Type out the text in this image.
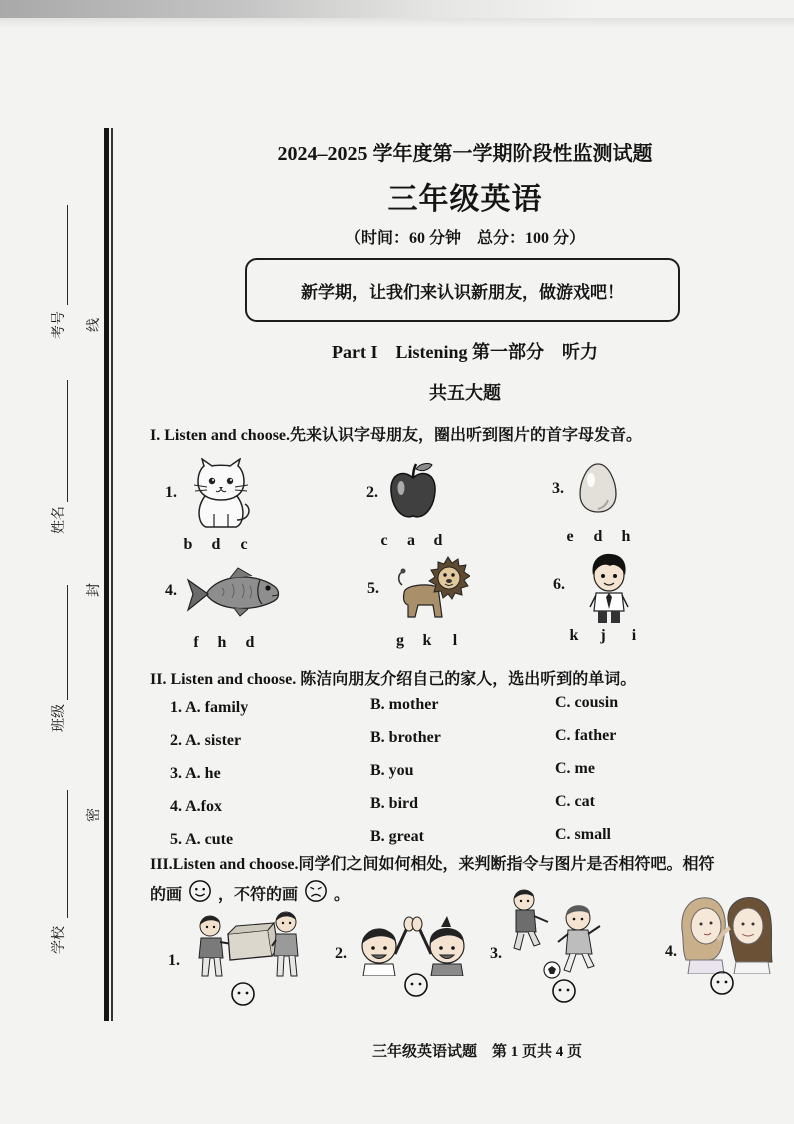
考号 线
姓名
封
班级
密
学校
2024–2025 学年度第一学期阶段性监测试题
三年级英语
（时间：60 分钟　总分：100 分）
新学期，让我们来认识新朋友，做游戏吧！
Part I　Listening 第一部分　听力
共五大题
I. Listen and choose.先来认识字母朋友，圈出听到图片的首字母发音。
1.
b d c
2.
c a d
3.
e d h
4.
f h d
5.
g k l
6.
k j i
II. Listen and choose. 陈洁向朋友介绍自己的家人，选出听到的单词。
1. A. family	B. mother	C. cousin
2. A. sister	B. brother	C. father
3. A. he	B. you	C. me
4. A.fox	B. bird	C. cat
5. A. cute	B. great	C. small
III.Listen and choose.同学们之间如何相处，来判断指令与图片是否相符吧。相符
的画 ，不符的画 。
1.	2.	3.	4.
三年级英语试题　第 1 页共 4 页
